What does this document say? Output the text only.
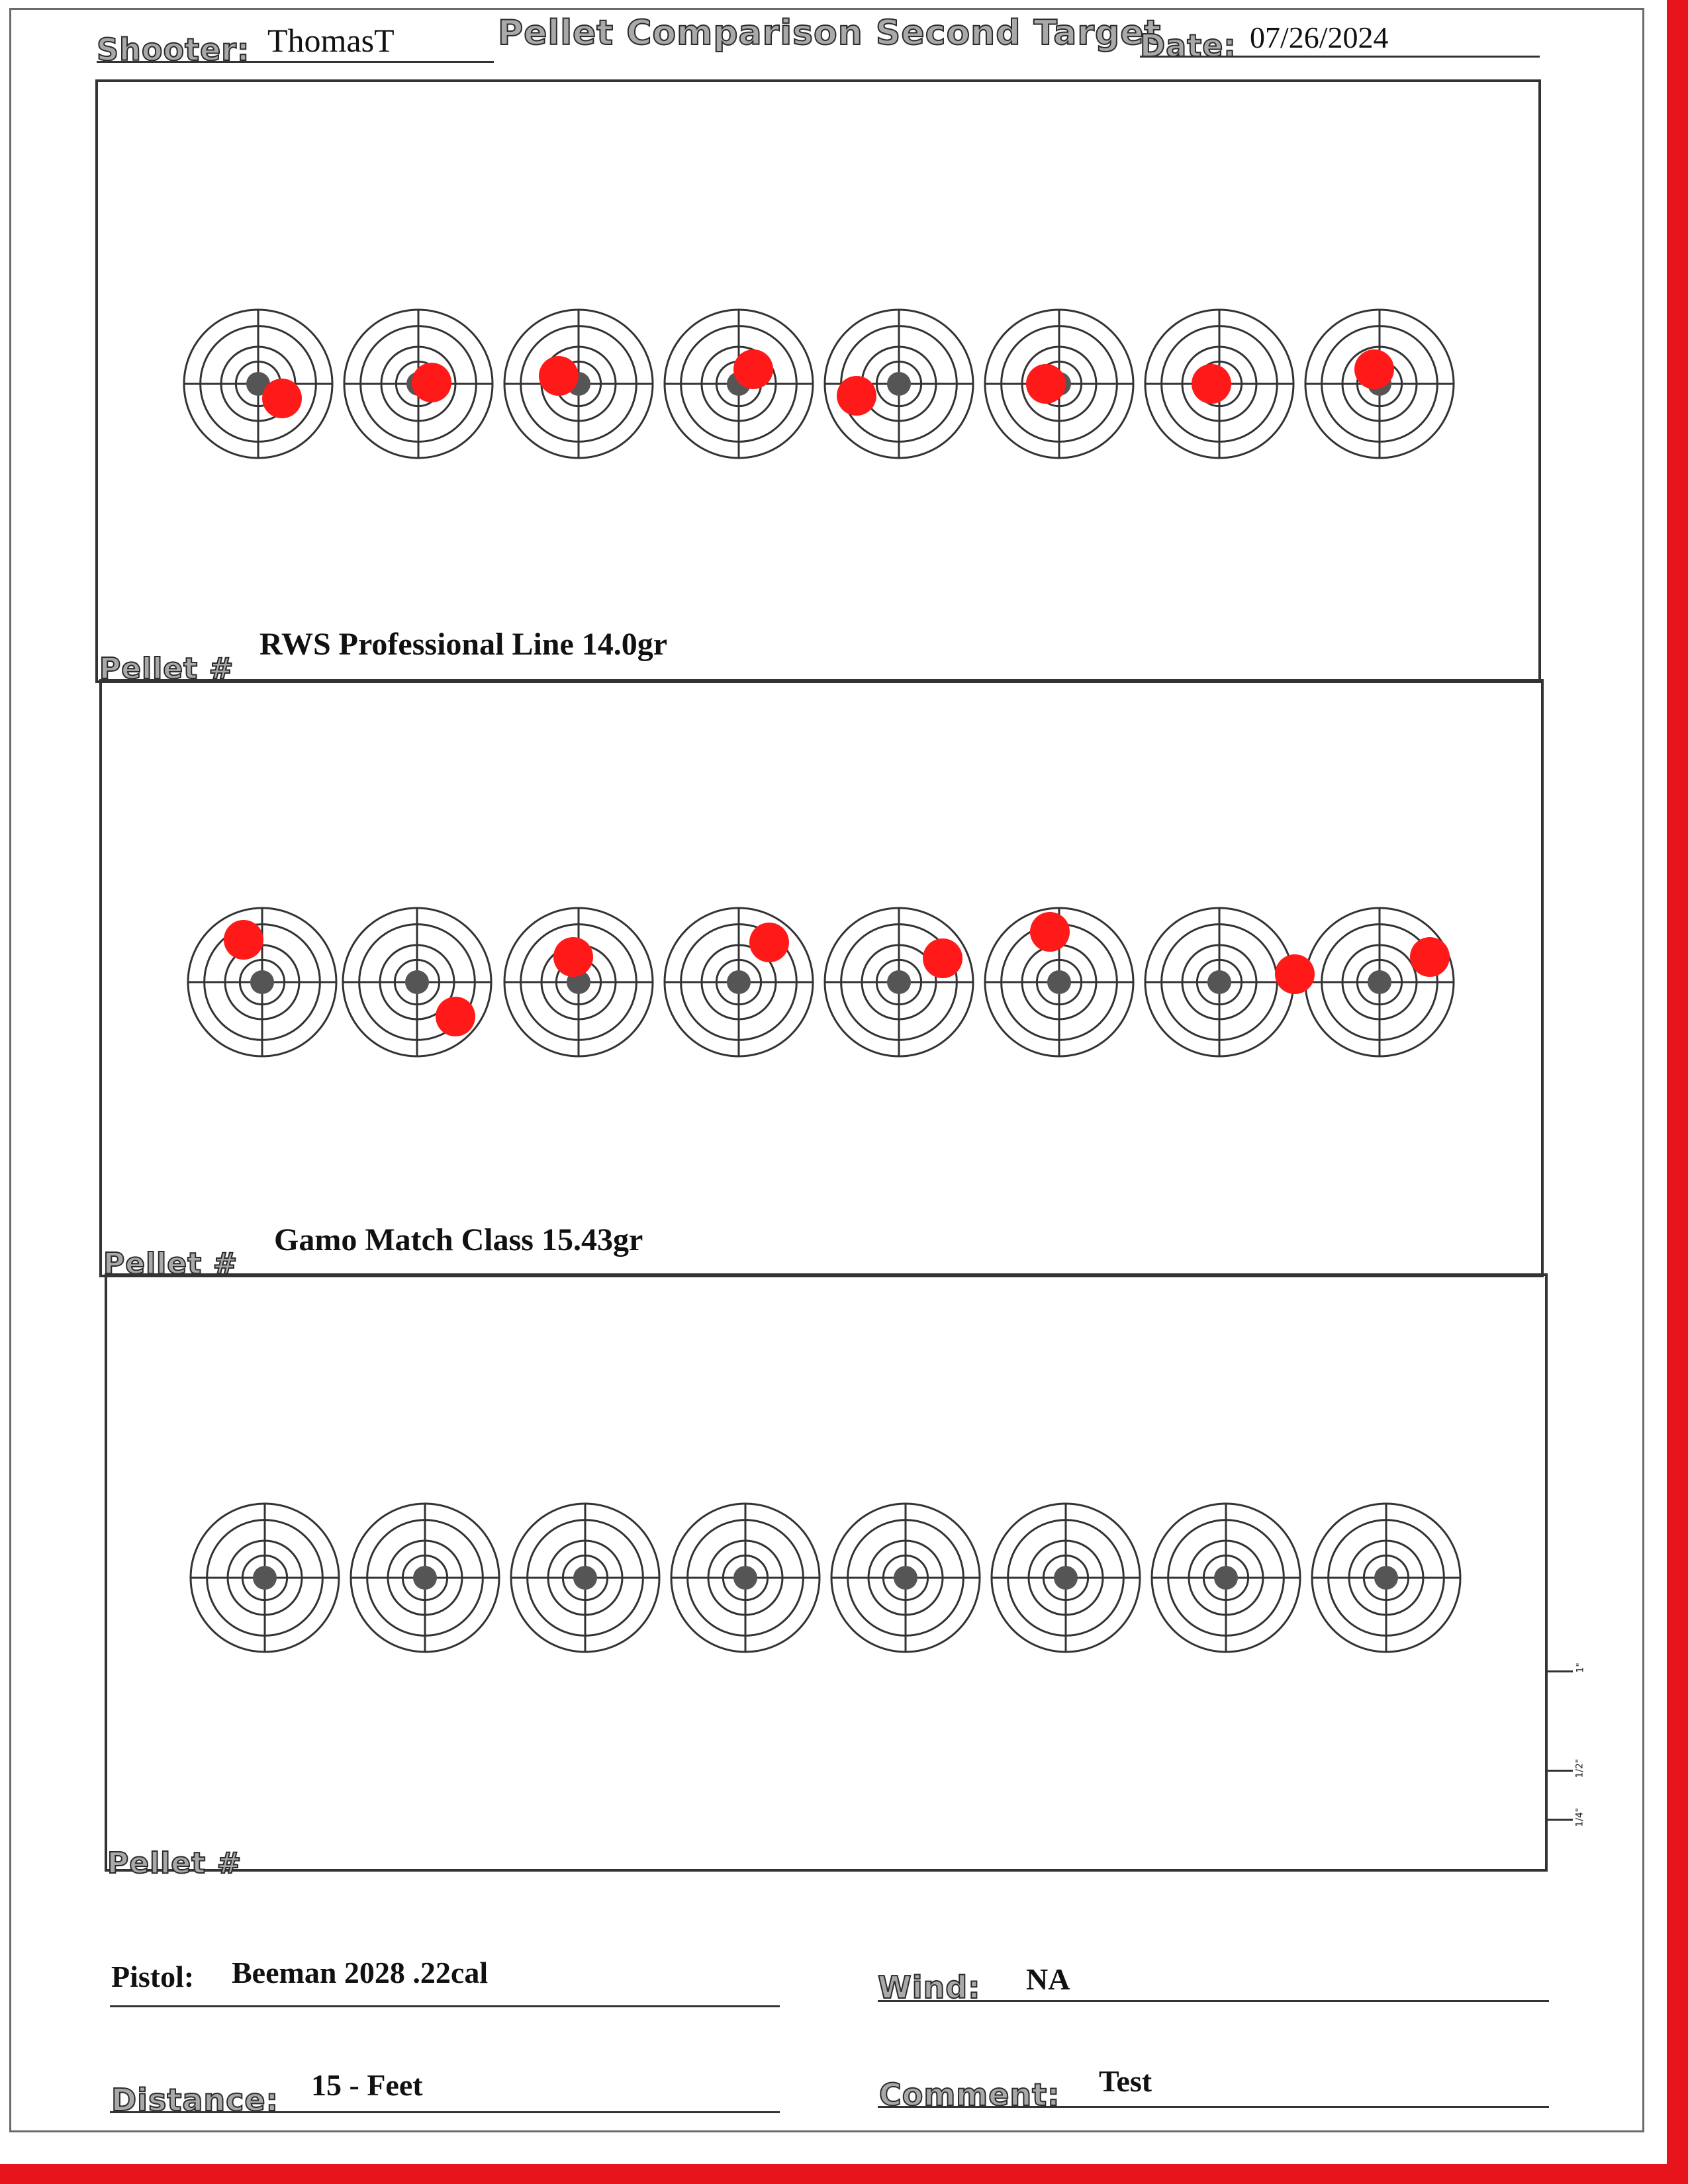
Shooter: ThomasT	Pellet Comparison Second Target
Date: 07/26/2024
Pellet #
RWS Professional Line 14.0gr
Pellet #
Gamo Match Class 15.43gr
Pellet #
1"
1/2"
1/4"
Pistol: Beeman 2028 .22cal	Wind: NA
Distance: 15 - Feet	Comment: Test
